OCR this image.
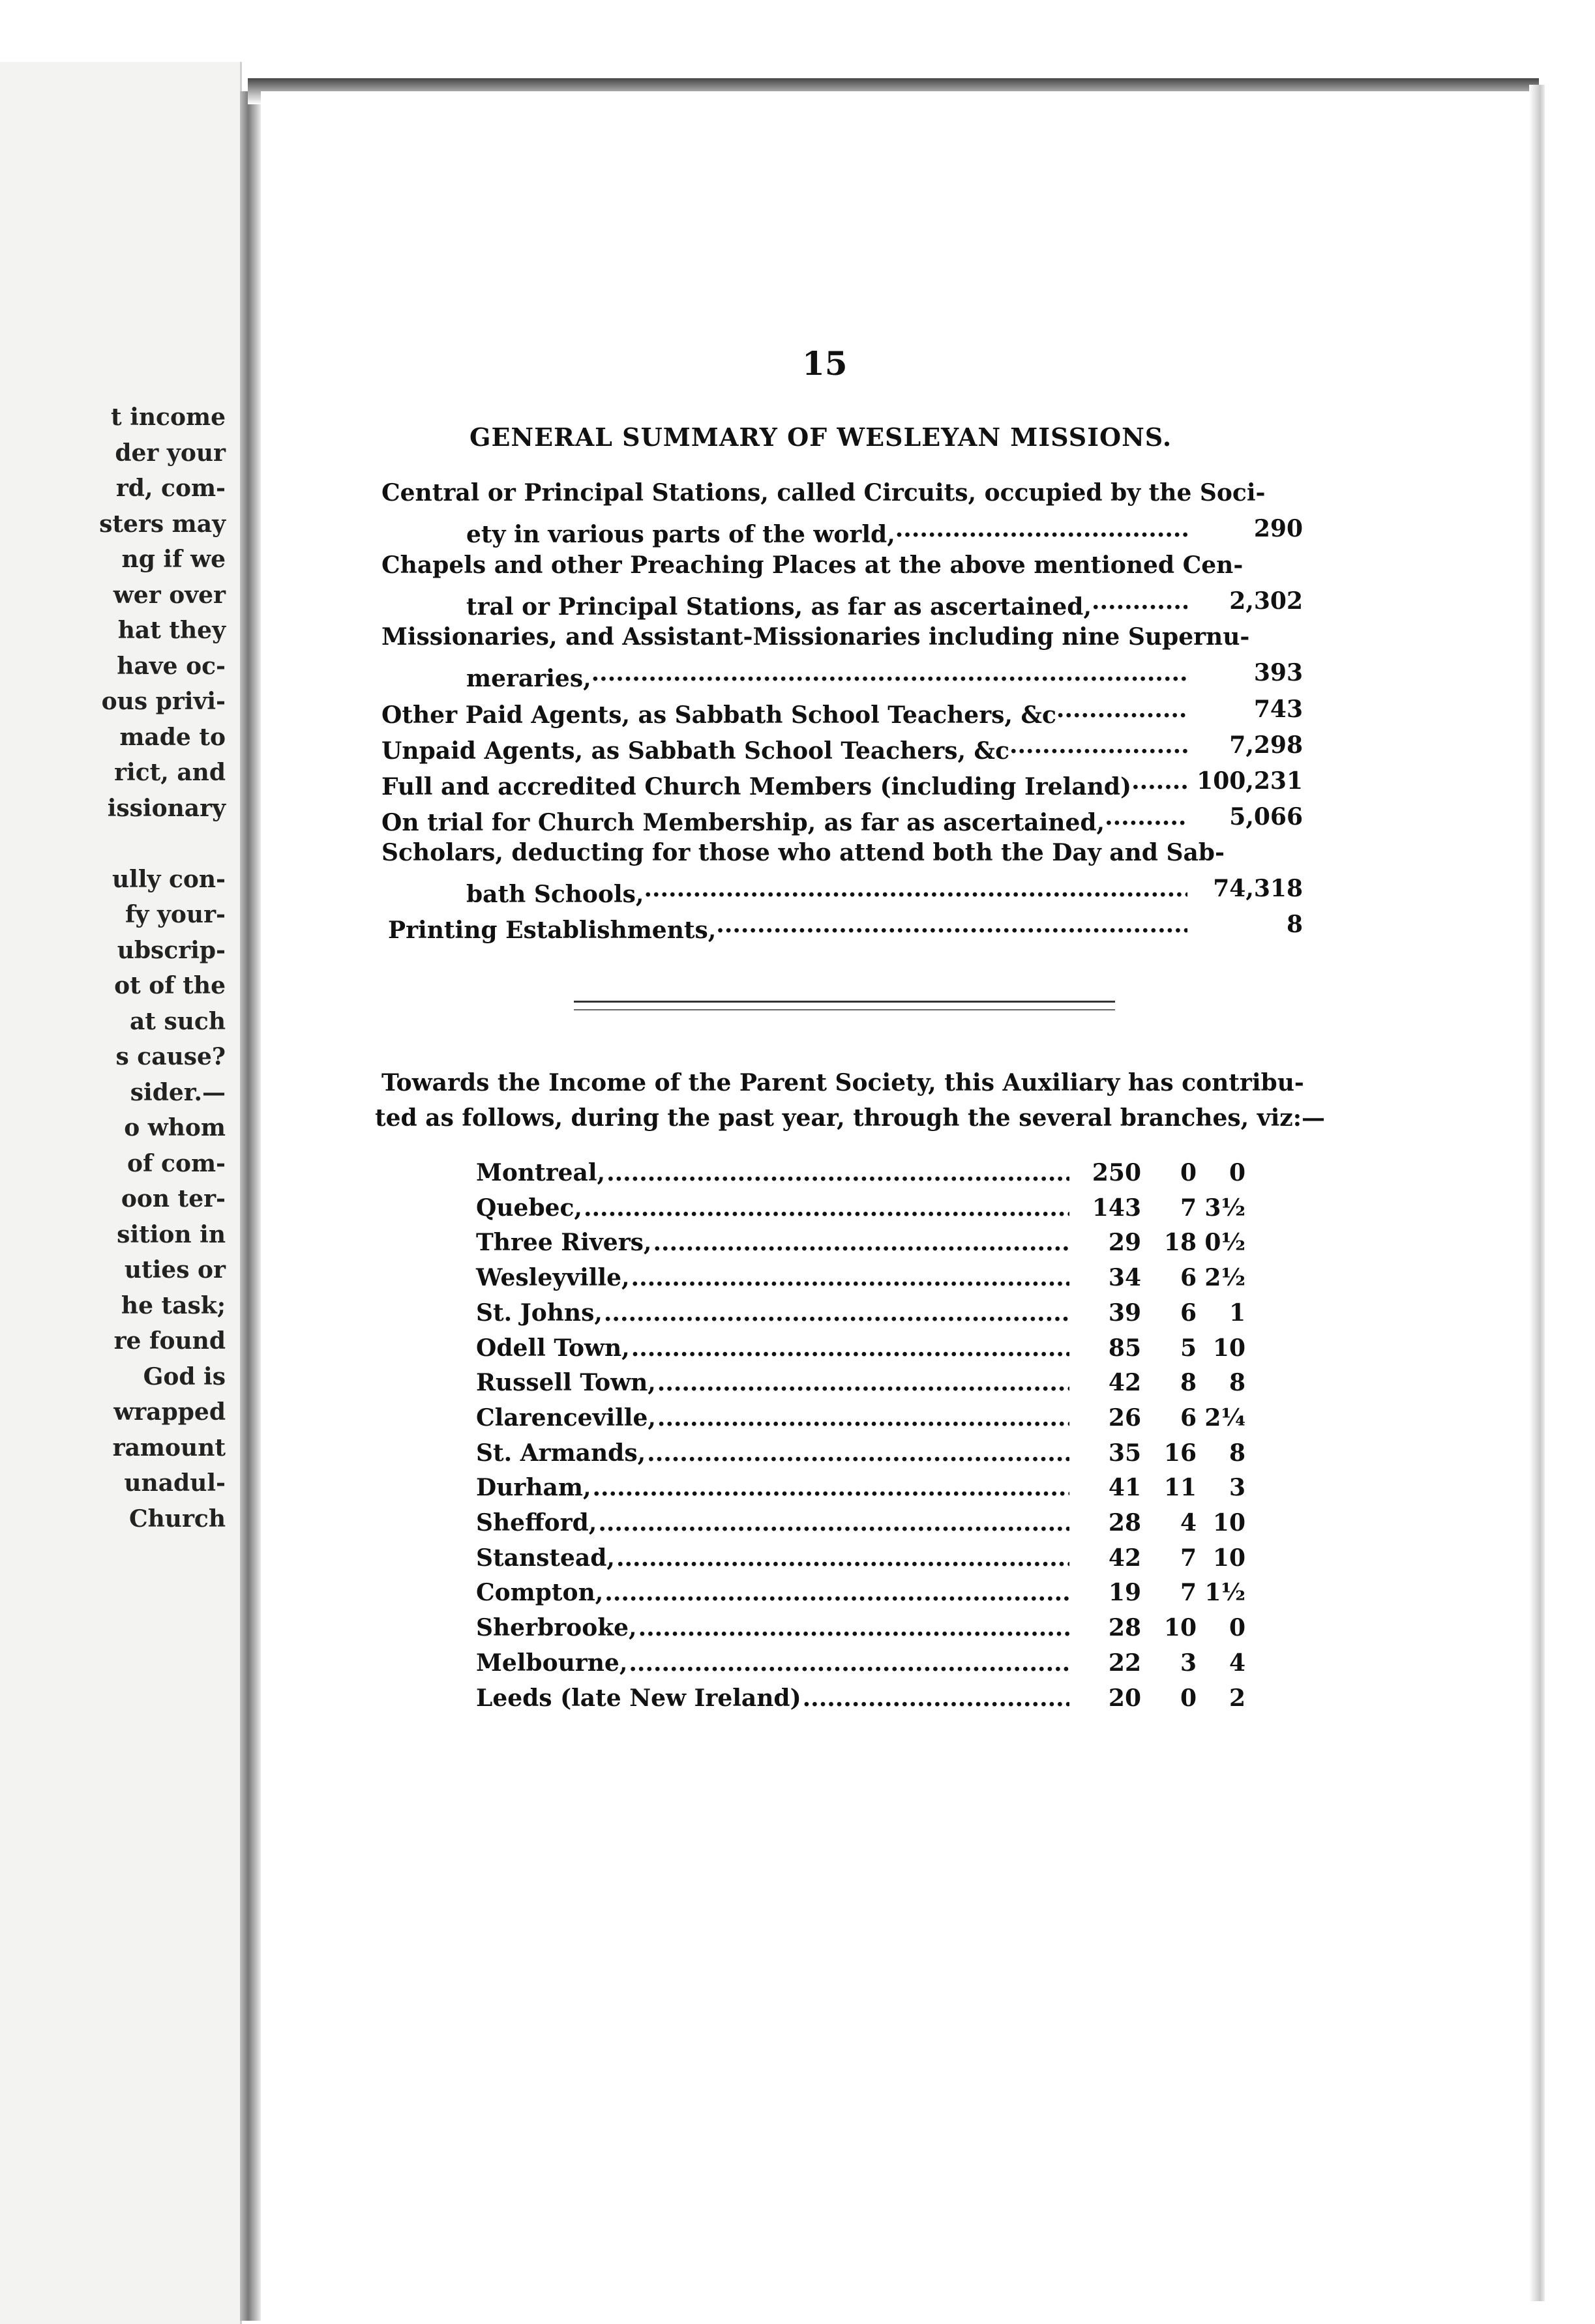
t income
der your
rd, com-
sters may
ng if we
wer over
hat they
have oc-
ous privi-
made to
rict, and
issionary
ully con-
fy your-
ubscrip-
ot of the
at such
s cause?
sider.—
o whom
of com-
oon ter-
sition in
uties or
he task;
re found
God is
wrapped
ramount
unadul-
Church
15
GENERAL SUMMARY OF WESLEYAN MISSIONS.
Central or Principal Stations, called Circuits, occupied by the Soci-
ety in various parts of the world, .....	290
Chapels and other Preaching Places at the above mentioned Cen-
tral or Principal Stations, as far as ascertained, .....	2,302
Missionaries, and Assistant-Missionaries including nine Supernu-
meraries, .....	393
Other Paid Agents, as Sabbath School Teachers, &c .....	743
Unpaid Agents, as Sabbath School Teachers, &c .....	7,298
Full and accredited Church Members (including Ireland) .....	100,231
On trial for Church Membership, as far as ascertained, .....	5,066
Scholars, deducting for those who attend both the Day and Sab-
bath Schools, .....	74,318
Printing Establishments, .....	8
Towards the Income of the Parent Society, this Auxiliary has contribu-
ted as follows, during the past year, through the several branches, viz:—
Montreal, .....	250	0	0
Quebec, .....	143	7 3½
Three Rivers, .....	29 18 0½
Wesleyville, .....	34	6 2½
St. Johns, .....	39	6	1
Odell Town, .....	85	5 10
Russell Town, .....	42	8	8
Clarenceville, .....	26	6 2¼
St. Armands, .....	35 16	8
Durham, .....	41 11	3
Shefford, .....	28	4 10
Stanstead, .....	42	7 10
Compton, .....	19	7 1½
Sherbrooke, .....	28 10	0
Melbourne, .....	22	3	4
Leeds (late New Ireland) .....	20	0	2
